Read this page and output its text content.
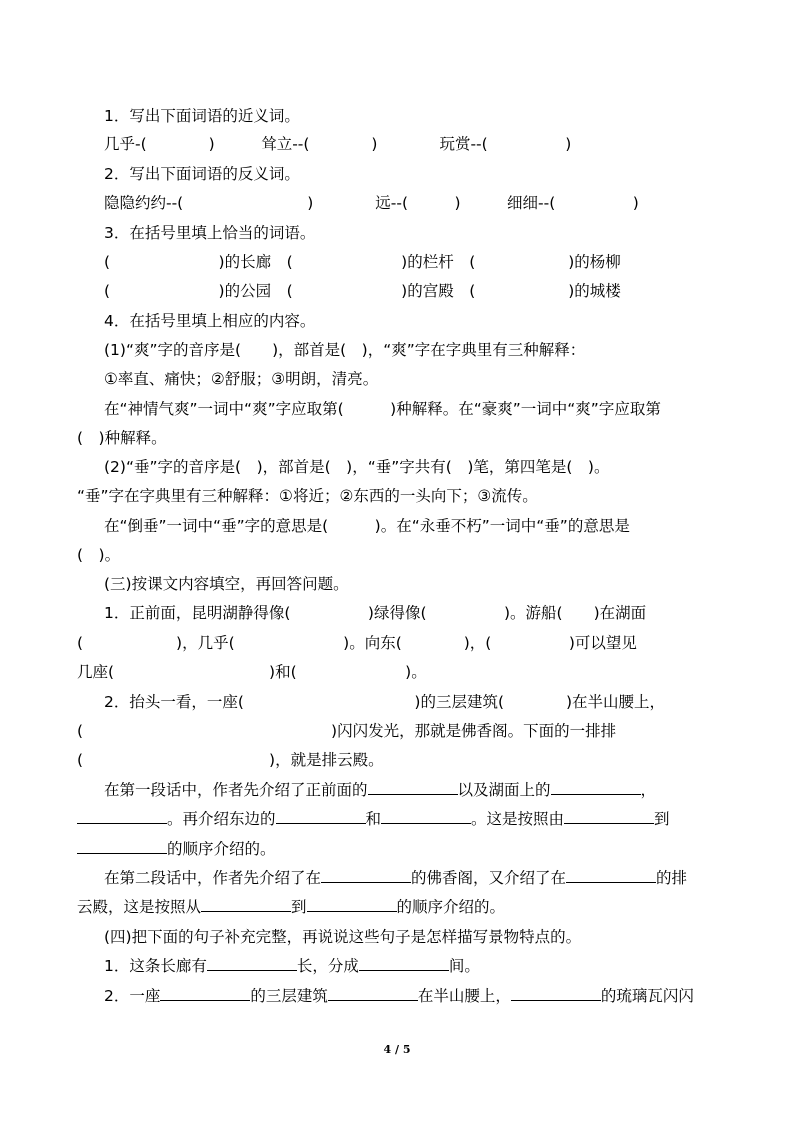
1．写出下面词语的近义词。
几乎-(　　　　)　　　耸立--(　　　　)　　　　玩赏--(　　　　　)
2．写出下面词语的反义词。
隐隐约约--(　　　　　　　　)　　　　远--(　　　)　　　细细--(　　　　　)
3．在括号里填上恰当的词语。
(　　　　　　　)的长廊　(　　　　　　　)的栏杆　(　　　　　　)的杨柳
(　　　　　　　)的公园　(　　　　　　　)的宫殿　(　　　　　　)的城楼
4．在括号里填上相应的内容。
(1)“爽”字的音序是(　　)，部首是(　)，“爽”字在字典里有三种解释：
①率直、痛快；②舒服；③明朗，清亮。
在“神情气爽”一词中“爽”字应取第(　　　)种解释。在“豪爽”一词中“爽”字应取第
(　)种解释。
(2)“垂”字的音序是(　)，部首是(　)，“垂”字共有(　)笔，第四笔是(　)。
“垂”字在字典里有三种解释：①将近；②东西的一头向下；③流传。
在“倒垂”一词中“垂”字的意思是(　　　)。在“永垂不朽”一词中“垂”的意思是
(　)。
(三)按课文内容填空，再回答问题。
1．正前面，昆明湖静得像(　　　　　)绿得像(　　　　　)。游船(　　)在湖面
(　　　　　　)，几乎(　　　　　　　)。向东(　　　　)，(　　　　　)可以望见
几座(　　　　　　　　　　)和(　　　　　　　)。
2．抬头一看，一座(　　　　　　　　　　　)的三层建筑(　　　　)在半山腰上，
(　　　　　　　　　　　　　　　　)闪闪发光，那就是佛香阁。下面的一排排
(　　　　　　　　　　　　)，就是排云殿。
在第一段话中，作者先介绍了正前面的	以及湖面上的	，
。再介绍东边的	和	。这是按照由	到
的顺序介绍的。
在第二段话中，作者先介绍了在	的佛香阁，又介绍了在	的排
云殿，这是按照从	到	的顺序介绍的。
(四)把下面的句子补充完整，再说说这些句子是怎样描写景物特点的。
1．这条长廊有	长，分成	间。
2．一座	的三层建筑	在半山腰上，	的琉璃瓦闪闪
4 / 5
